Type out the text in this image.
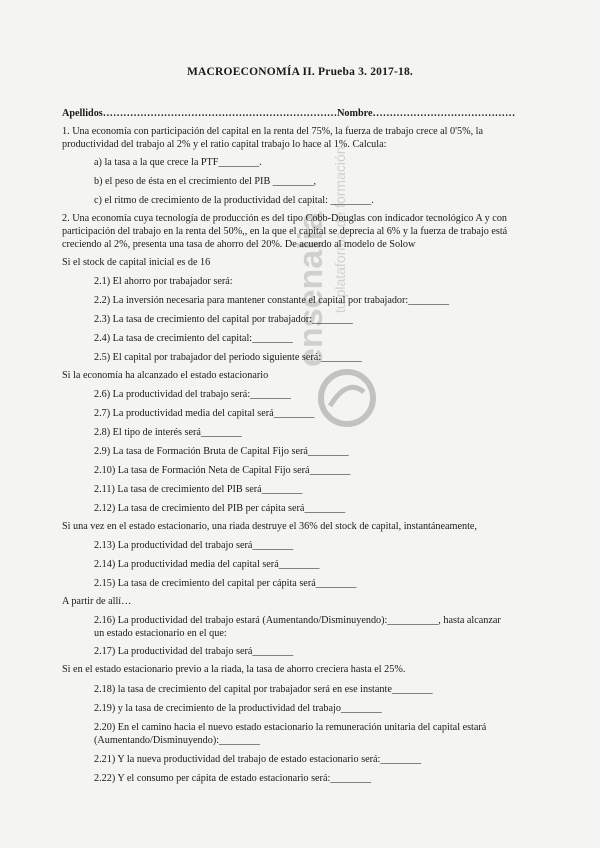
ensenalia tu plataforma de formación
MACROECONOMÍA II. Prueba 3. 2017-18.
Apellidos……………………………………………………………Nombre……………………………………
1. Una economía con participación del capital en la renta del 75%, la fuerza de trabajo crece al 0'5%, la
productividad del trabajo al 2% y el ratio capital trabajo lo hace al 1%. Calcula:
a) la tasa a la que crece la PTF________.
b) el peso de ésta en el crecimiento del PIB ________,
c) el ritmo de crecimiento de la productividad del capital: ________.
2. Una economía cuya tecnología de producción es del tipo Cobb-Douglas con indicador tecnológico A y con
participación del trabajo en la renta del 50%,, en la que el capital se deprecia al 6% y la fuerza de trabajo está
creciendo al 2%, presenta una tasa de ahorro del 20%. De acuerdo al modelo de Solow
Si el stock de capital inicial es de 16
2.1) El ahorro por trabajador será:
2.2) La inversión necesaria para mantener constante el capital por trabajador:________
2.3) La tasa de crecimiento del capital por trabajador:________
2.4) La tasa de crecimiento del capital:________
2.5) El capital por trabajador del periodo siguiente será:________
Si la economía ha alcanzado el estado estacionario
2.6) La productividad del trabajo será:________
2.7) La productividad media del capital será________
2.8) El tipo de interés será________
2.9) La tasa de Formación Bruta de Capital Fijo será________
2.10) La tasa de Formación Neta de Capital Fijo será________
2.11) La tasa de crecimiento del PIB será________
2.12) La tasa de crecimiento del PIB per cápita será________
Si una vez en el estado estacionario, una riada destruye el 36% del stock de capital, instantáneamente,
2.13) La productividad del trabajo será________
2.14) La productividad media del capital será________
2.15) La tasa de crecimiento del capital per cápita será________
A partir de allí…
2.16) La productividad del trabajo estará (Aumentando/Disminuyendo):__________, hasta alcanzar
un estado estacionario en el que:
2.17) La productividad del trabajo será________
Si en el estado estacionario previo a la riada, la tasa de ahorro creciera hasta el 25%.
2.18) la tasa de crecimiento del capital por trabajador será en ese instante________
2.19) y la tasa de crecimiento de la productividad del trabajo________
2.20) En el camino hacia el nuevo estado estacionario la remuneración unitaria del capital estará
(Aumentando/Disminuyendo):________
2.21) Y la nueva productividad del trabajo de estado estacionario será:________
2.22) Y el consumo per cápita de estado estacionario será:________
